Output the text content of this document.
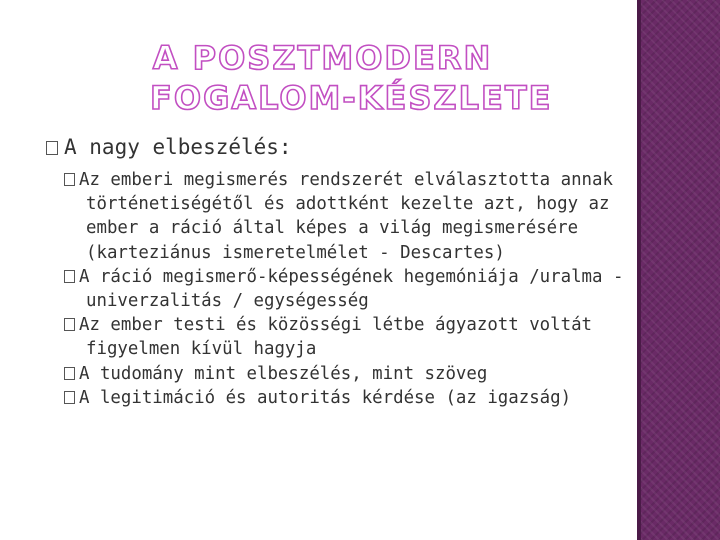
A POSZTMODERN
FOGALOM-KÉSZLETE
A nagy elbeszélés:
Az emberi megismerés rendszerét elválasztotta annak történetiségétől és adottként kezelte azt, hogy az ember a ráció által képes a világ megismerésére (karteziánus ismeretelmélet - Descartes)
A ráció megismerő-képességének hegemóniája /uralma - univerzalitás / egységesség
Az ember testi és közösségi létbe ágyazott voltát figyelmen kívül hagyja
A tudomány mint elbeszélés, mint szöveg
A legitimáció és autoritás kérdése (az igazság)
